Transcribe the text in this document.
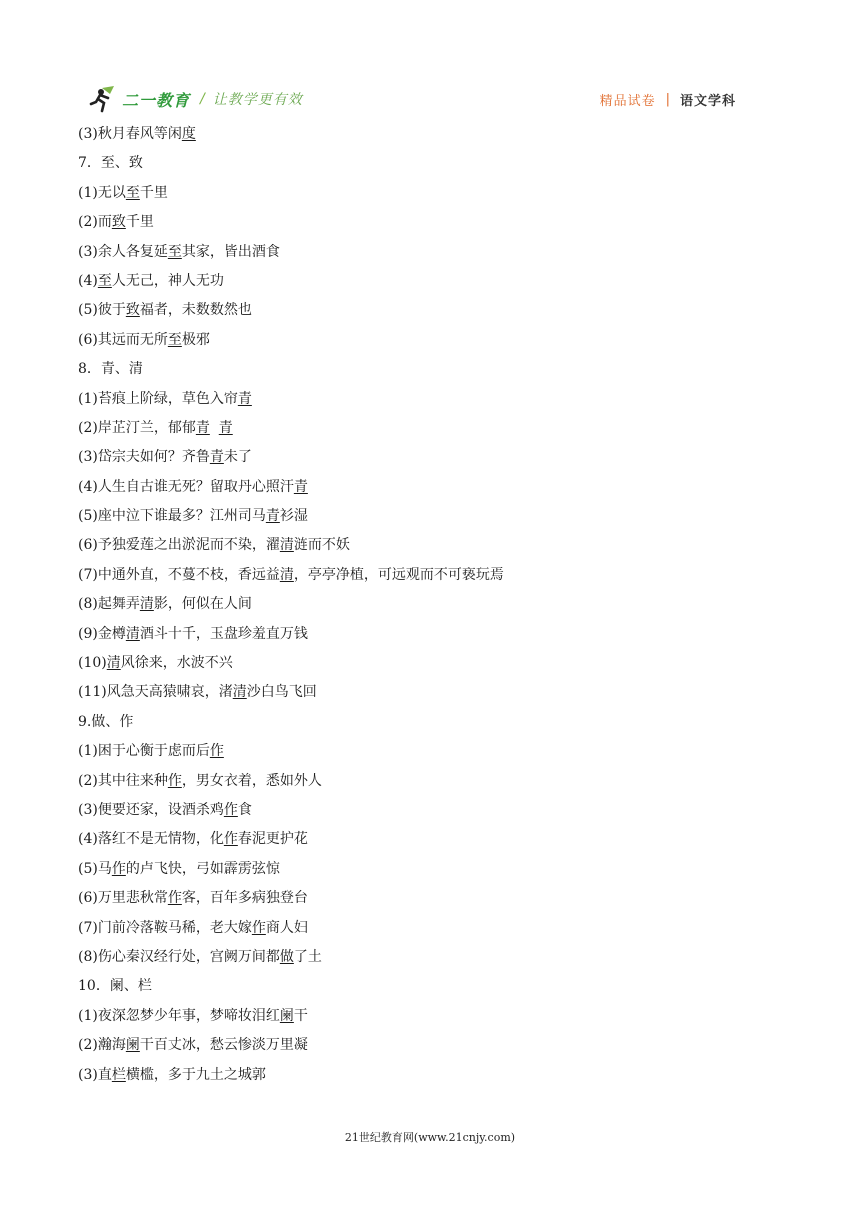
二一教育 / 让教学更有效	精品试卷 | 语文学科
(3)秋月春风等闲度
7．至、致
(1)无以至千里
(2)而致千里
(3)余人各复延至其家，皆出酒食
(4)至人无己，神人无功
(5)彼于致福者，未数数然也
(6)其远而无所至极邪
8．青、清
(1)苔痕上阶绿，草色入帘青
(2)岸芷汀兰，郁郁青 青
(3)岱宗夫如何？齐鲁青未了
(4)人生自古谁无死？留取丹心照汗青
(5)座中泣下谁最多？江州司马青衫湿
(6)予独爱莲之出淤泥而不染，濯清涟而不妖
(7)中通外直，不蔓不枝，香远益清，亭亭净植，可远观而不可亵玩焉
(8)起舞弄清影，何似在人间
(9)金樽清酒斗十千，玉盘珍羞直万钱
(10)清风徐来，水波不兴
(11)风急天高猿啸哀，渚清沙白鸟飞回
9.做、作
(1)困于心衡于虑而后作
(2)其中往来种作，男女衣着，悉如外人
(3)便要还家，设酒杀鸡作食
(4)落红不是无情物，化作春泥更护花
(5)马作的卢飞快，弓如霹雳弦惊
(6)万里悲秋常作客，百年多病独登台
(7)门前冷落鞍马稀，老大嫁作商人妇
(8)伤心秦汉经行处，宫阙万间都做了土
10．阑、栏
(1)夜深忽梦少年事，梦啼妆泪红阑干
(2)瀚海阑干百丈冰，愁云惨淡万里凝
(3)直栏横槛，多于九土之城郭
21世纪教育网(www.21cnjy.com)
